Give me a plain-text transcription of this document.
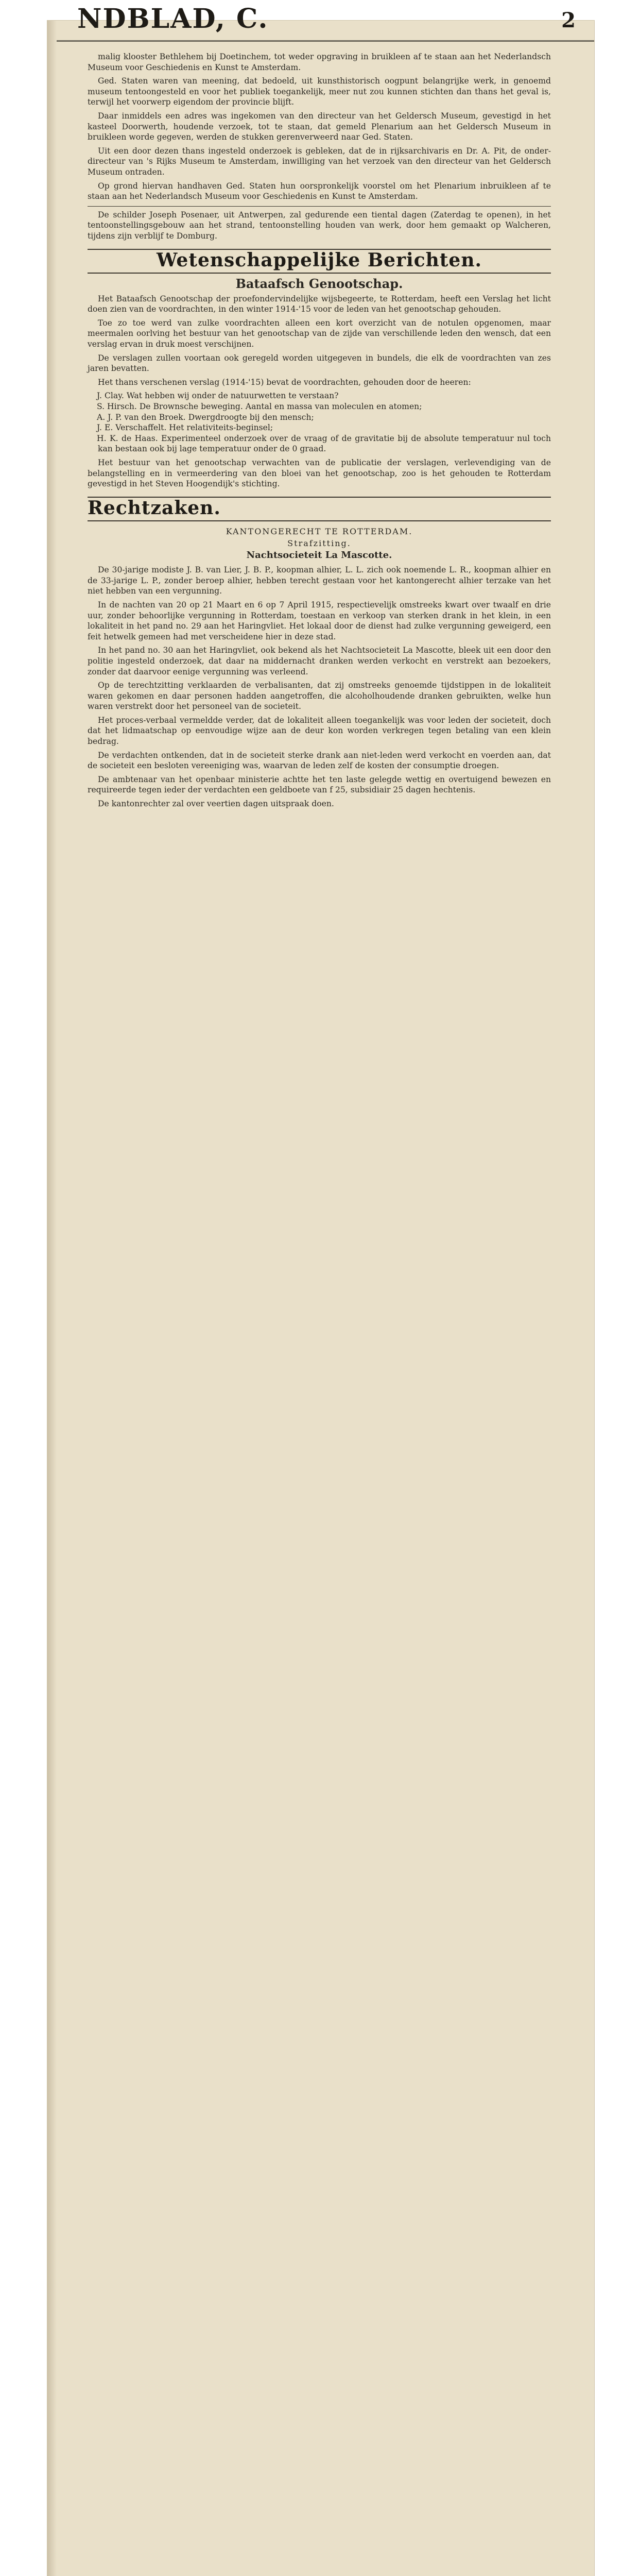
NDBLAD, C.	2

malig klooster Bethlehem bij Doetinchem, tot weder opgraving in bruikleen af te staan aan het Nederlandsch Museum voor Geschiedenis en Kunst te Amsterdam.

Ged. Staten waren van meening, dat bedoeld, uit kunsthistorisch oogpunt belangrijke werk, in genoemd museum tentoongesteld en voor het publiek toegankelijk, meer nut zou kunnen stichten dan thans het geval is, terwijl het voorwerp eigendom der provincie blijft.

Daar inmiddels een adres was ingekomen van den directeur van het Geldersch Museum, gevestigd in het kasteel Doorwerth, houdende verzoek, tot te staan, dat gemeld Plenarium aan het Geldersch Museum in bruikleen worde gegeven, werden de stukken gerenverweerd naar Ged. Staten.

Uit een door dezen thans ingesteld onderzoek is gebleken, dat de in rijksarchivaris en Dr. A. Pit, de onder-directeur van 's Rijks Museum te Amsterdam, inwilliging van het verzoek van den directeur van het Geldersch Museum ontraden.

Op grond hiervan handhaven Ged. Staten hun oorspronkelijk voorstel om het Plenarium inbruikleen af te staan aan het Nederlandsch Museum voor Geschiedenis en Kunst te Amsterdam.

De schilder Joseph Posenaer, uit Antwerpen, zal gedurende een tiental dagen (Zaterdag te openen), in het tentoonstellingsgebouw aan het strand, tentoonstelling houden van werk, door hem gemaakt op Walcheren, tijdens zijn verblijf te Domburg.

Wetenschappelijke Berichten.
Bataafsch Genootschap.

Het Bataafsch Genootschap der proefondervindelijke wijsbegeerte, te Rotterdam, heeft een Verslag het licht doen zien van de voordrachten, in den winter 1914-'15 voor de leden van het genootschap gehouden.

Toe zo toe werd van zulke voordrachten alleen een kort overzicht van de notulen opgenomen, maar meermalen oorlving het bestuur van het genootschap van de zijde van verschillende leden den wensch, dat een verslag ervan in druk moest verschijnen.

De verslagen zullen voortaan ook geregeld worden uitgegeven in bundels, die elk de voordrachten van zes jaren bevatten.

Het thans verschenen verslag (1914-'15) bevat de voordrachten, gehouden door de heeren:

J. Clay. Wat hebben wij onder de natuurwetten te verstaan?
S. Hirsch. De Brownsche beweging. Aantal en massa van moleculen en atomen;
A. J. P. van den Broek. Dwergdroogte bij den mensch;
J. E. Verschaffelt. Het relativiteits-beginsel;
H. K. de Haas. Experimenteel onderzoek over de vraag of de gravitatie bij de absolute temperatuur nul toch kan bestaan ook bij lage temperatuur onder de 0 graad.

Het bestuur van het genootschap verwachten van de publicatie der verslagen, verlevendiging van de belangstelling en in vermeerdering van den bloei van het genootschap, zoo is het gehouden te Rotterdam gevestigd in het Steven Hoogendijk's stichting.

Rechtzaken.
KANTONGERECHT TE ROTTERDAM.
Strafzitting.
Nachtsocieteit La Mascotte.

De 30-jarige modiste J. B. van Lier, J. B. P., koopman alhier, L. L. zich ook noemende L. R., koopman alhier en de 33-jarige L. P., zonder beroep alhier, hebben terecht gestaan voor het kantongerecht alhier terzake van het niet hebben van een vergunning.

In de nachten van 20 op 21 Maart en 6 op 7 April 1915, respectievelijk omstreeks kwart over twaalf en drie uur, zonder behoorlijke vergunning in Rotterdam, toestaan en verkoop van sterken drank in het klein, in een lokaliteit in het pand no. 29 aan het Haringvliet. Het lokaal door de dienst had zulke vergunning geweigerd, een feit hetwelk gemeen had met verscheidene hier in deze stad.

In het pand no. 30 aan het Haringvliet, ook bekend als het Nachtsocieteit La Mascotte, bleek uit een door den politie ingesteld onderzoek, dat daar na middernacht dranken werden verkocht en verstrekt aan bezoekers, zonder dat daarvoor eenige vergunning was verleend.

Op de terechtzitting verklaarden de verbalisanten, dat zij omstreeks genoemde tijdstippen in de lokaliteit waren gekomen en daar personen hadden aangetroffen, die alcoholhoudende dranken gebruikten, welke hun waren verstrekt door het personeel van de societeit.

Het proces-verbaal vermeldde verder, dat de lokaliteit alleen toegankelijk was voor leden der societeit, doch dat het lidmaatschap op eenvoudige wijze aan de deur kon worden verkregen tegen betaling van een klein bedrag.

De verdachten ontkenden, dat in de societeit sterke drank aan niet-leden werd verkocht en voerden aan, dat de societeit een besloten vereeniging was, waarvan de leden zelf de kosten der consumptie droegen.

De ambtenaar van het openbaar ministerie achtte het ten laste gelegde wettig en overtuigend bewezen en requireerde tegen ieder der verdachten een geldboete van f 25, subsidiair 25 dagen hechtenis.

De kantonrechter zal over veertien dagen uitspraak doen.
